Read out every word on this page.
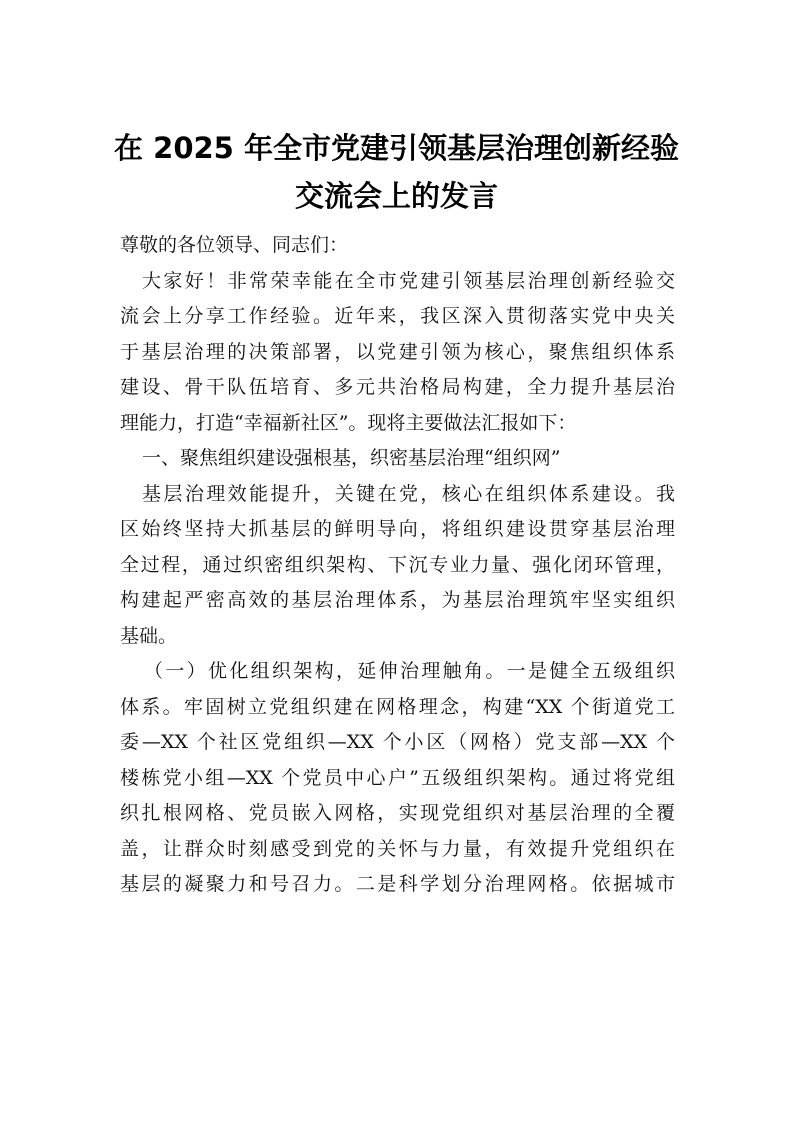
在 2025 年全市党建引领基层治理创新经验
交流会上的发言
尊敬的各位领导、同志们：
大家好！非常荣幸能在全市党建引领基层治理创新经验交
流会上分享工作经验。近年来，我区深入贯彻落实党中央关
于基层治理的决策部署，以党建引领为核心，聚焦组织体系
建设、骨干队伍培育、多元共治格局构建，全力提升基层治
理能力，打造“幸福新社区”。现将主要做法汇报如下：
一、聚焦组织建设强根基，织密基层治理“组织网”
基层治理效能提升，关键在党，核心在组织体系建设。我
区始终坚持大抓基层的鲜明导向，将组织建设贯穿基层治理
全过程，通过织密组织架构、下沉专业力量、强化闭环管理，
构建起严密高效的基层治理体系，为基层治理筑牢坚实组织
基础。
（一）优化组织架构，延伸治理触角。一是健全五级组织
体系。牢固树立党组织建在网格理念，构建“XX 个街道党工
委—XX 个社区党组织—XX 个小区（网格）党支部—XX 个
楼栋党小组—XX 个党员中心户”五级组织架构。通过将党组
织扎根网格、党员嵌入网格，实现党组织对基层治理的全覆
盖，让群众时刻感受到党的关怀与力量，有效提升党组织在
基层的凝聚力和号召力。二是科学划分治理网格。依据城市
